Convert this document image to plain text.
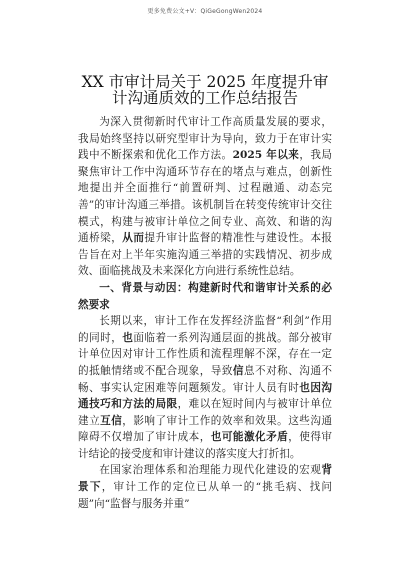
更多免费公文+V：QiGeGongWen2024
XX 市审计局关于 2025 年度提升审计沟通质效的工作总结报告

为深入贯彻新时代审计工作高质量发展的要求，我局始终坚持以研究型审计为导向，致力于在审计实践中不断探索和优化工作方法。2025 年以来，我局聚焦审计工作中沟通环节存在的堵点与难点，创新性地提出并全面推行“前置研判、过程融通、动态完善”的审计沟通三举措。该机制旨在转变传统审计交往模式，构建与被审计单位之间专业、高效、和谐的沟通桥梁，从而提升审计监督的精准性与建设性。本报告旨在对上半年实施沟通三举措的实践情况、初步成效、面临挑战及未来深化方向进行系统性总结。

一、背景与动因：构建新时代和谐审计关系的必然要求

长期以来，审计工作在发挥经济监督“利剑”作用的同时，也面临着一系列沟通层面的挑战。部分被审计单位因对审计工作性质和流程理解不深，存在一定的抵触情绪或不配合现象，导致信息不对称、沟通不畅、事实认定困难等问题频发。审计人员有时也因沟通技巧和方法的局限，难以在短时间内与被审计单位建立互信，影响了审计工作的效率和效果。这些沟通障碍不仅增加了审计成本，也可能激化矛盾，使得审计结论的接受度和审计建议的落实度大打折扣。

在国家治理体系和治理能力现代化建设的宏观背景下，审计工作的定位已从单一的“挑毛病、找问题”向“监督与服务并重”
